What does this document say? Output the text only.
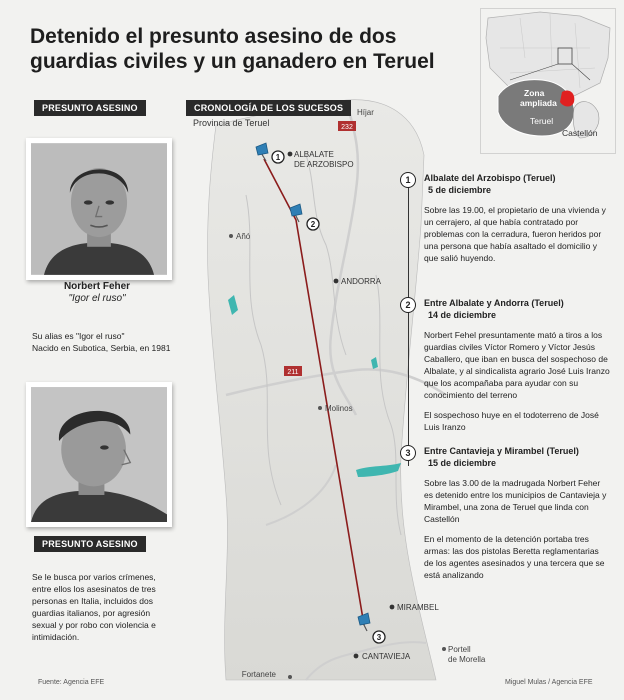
Detenido el presunto asesino de dos guardias civiles y un ganadero en Teruel
PRESUNTO ASESINO
232
211
Híjar
ALBALATE
DE ARZOBISPO
Añó
ANDORRA
Molinos
MIRAMBEL
CANTAVIEJA
Fortanete
Portell
de Morella
1
2
3
CRONOLOGÍA DE LOS SUCESOS
Provincia de Teruel
Zona
ampliada
Teruel
Castellón
Norbert Feher
"Igor el ruso"
Su alias es "Igor el ruso"
Nacido en Subotica, Serbia, en 1981
PRESUNTO ASESINO
Se le busca por varios crímenes, entre ellos los asesinatos de tres personas en Italia, incluidos dos guardias italianos, por agresión sexual y por robo con violencia e intimidación.
1	Albalate del Arzobispo (Teruel)
5 de diciembre

Sobre las 19.00, el propietario de una vivienda y un cerrajero, al que había contratado por problemas con la cerradura, fueron heridos por una persona que había asaltado el domicilio y que salió huyendo.

2	Entre Albalate y Andorra (Teruel)
14 de diciembre

Norbert Fehel presuntamente mató a tiros a los guardias civiles Víctor Romero y Víctor Jesús Caballero, que iban en busca del sospechoso de Albalate, y al sindicalista agrario José Luis Iranzo que los acompañaba para ayudar con su conocimiento del terreno

El sospechoso huye en el todoterreno de José Luis Iranzo

3	Entre Cantavieja y Mirambel (Teruel)
15 de diciembre

Sobre las 3.00 de la madrugada Norbert Feher es detenido entre los municipios de Cantavieja y Mirambel, una zona de Teruel que linda con Castellón

En el momento de la detención portaba tres armas: las dos pistolas Beretta reglamentarias de los agentes asesinados y una tercera que se está analizando

Fuente: Agencia EFE	Miguel Mulas / Agencia EFE
